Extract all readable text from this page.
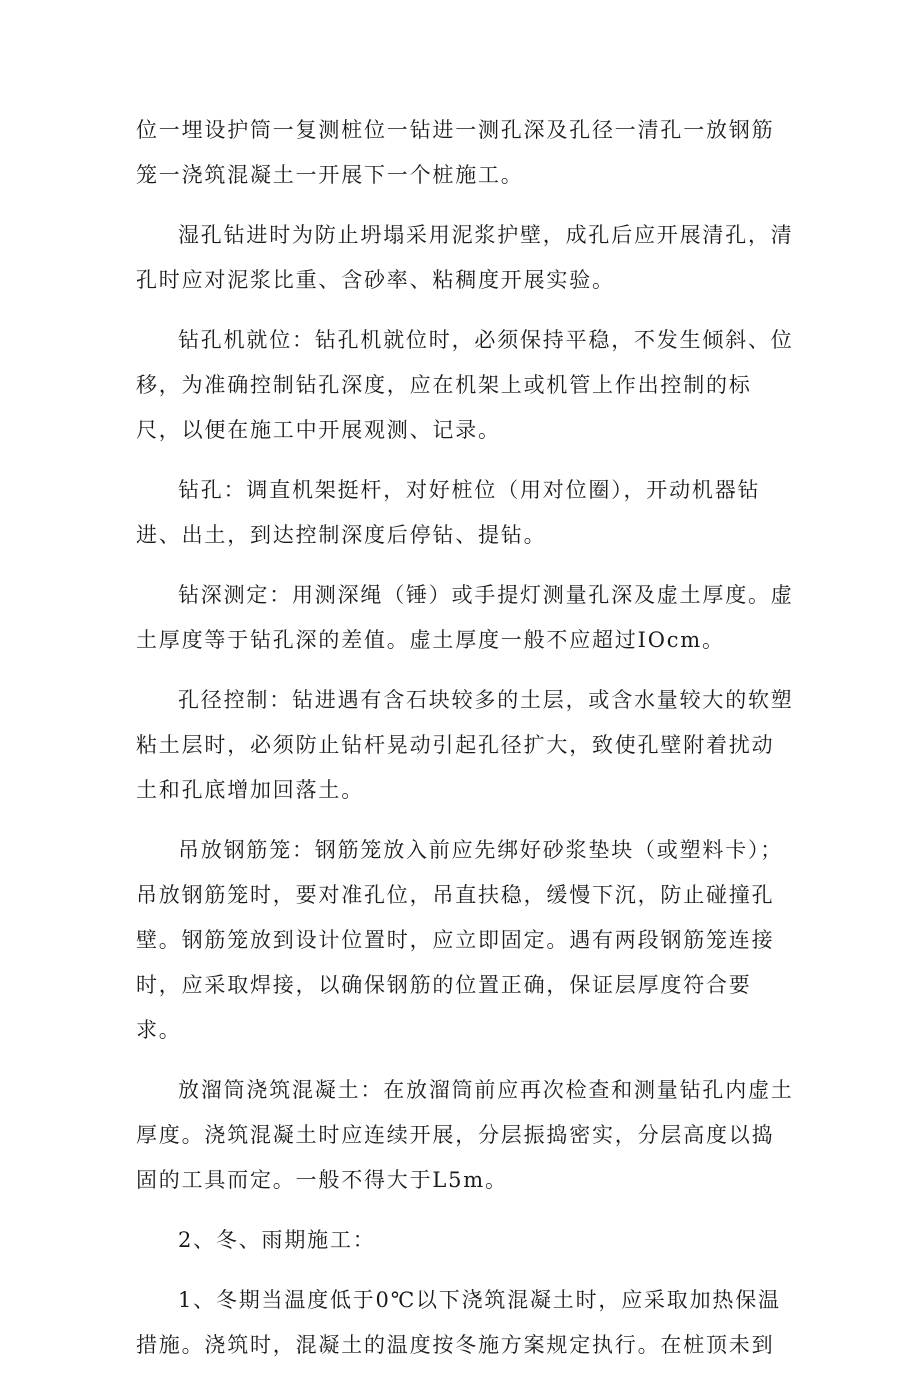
位一埋设护筒一复测桩位一钻进一测孔深及孔径一清孔一放钢筋笼一浇筑混凝土一开展下一个桩施工。

湿孔钻进时为防止坍塌采用泥浆护壁，成孔后应开展清孔，清孔时应对泥浆比重、含砂率、粘稠度开展实验。

钻孔机就位：钻孔机就位时，必须保持平稳，不发生倾斜、位移，为准确控制钻孔深度，应在机架上或机管上作出控制的标尺，以便在施工中开展观测、记录。

钻孔：调直机架挺杆，对好桩位（用对位圈），开动机器钻进、出土，到达控制深度后停钻、提钻。

钻深测定：用测深绳（锤）或手提灯测量孔深及虚土厚度。虚土厚度等于钻孔深的差值。虚土厚度一般不应超过IOcm。

孔径控制：钻进遇有含石块较多的土层，或含水量较大的软塑粘土层时，必须防止钻杆晃动引起孔径扩大，致使孔壁附着扰动土和孔底增加回落土。

吊放钢筋笼：钢筋笼放入前应先绑好砂浆垫块（或塑料卡）；吊放钢筋笼时，要对准孔位，吊直扶稳，缓慢下沉，防止碰撞孔壁。钢筋笼放到设计位置时，应立即固定。遇有两段钢筋笼连接时，应采取焊接，以确保钢筋的位置正确，保证层厚度符合要求。

放溜筒浇筑混凝土：在放溜筒前应再次检查和测量钻孔内虚土厚度。浇筑混凝土时应连续开展，分层振捣密实，分层高度以捣固的工具而定。一般不得大于L5m。

2、冬、雨期施工：

1、冬期当温度低于0℃以下浇筑混凝土时，应采取加热保温措施。浇筑时，混凝土的温度按冬施方案规定执行。在桩顶未到
